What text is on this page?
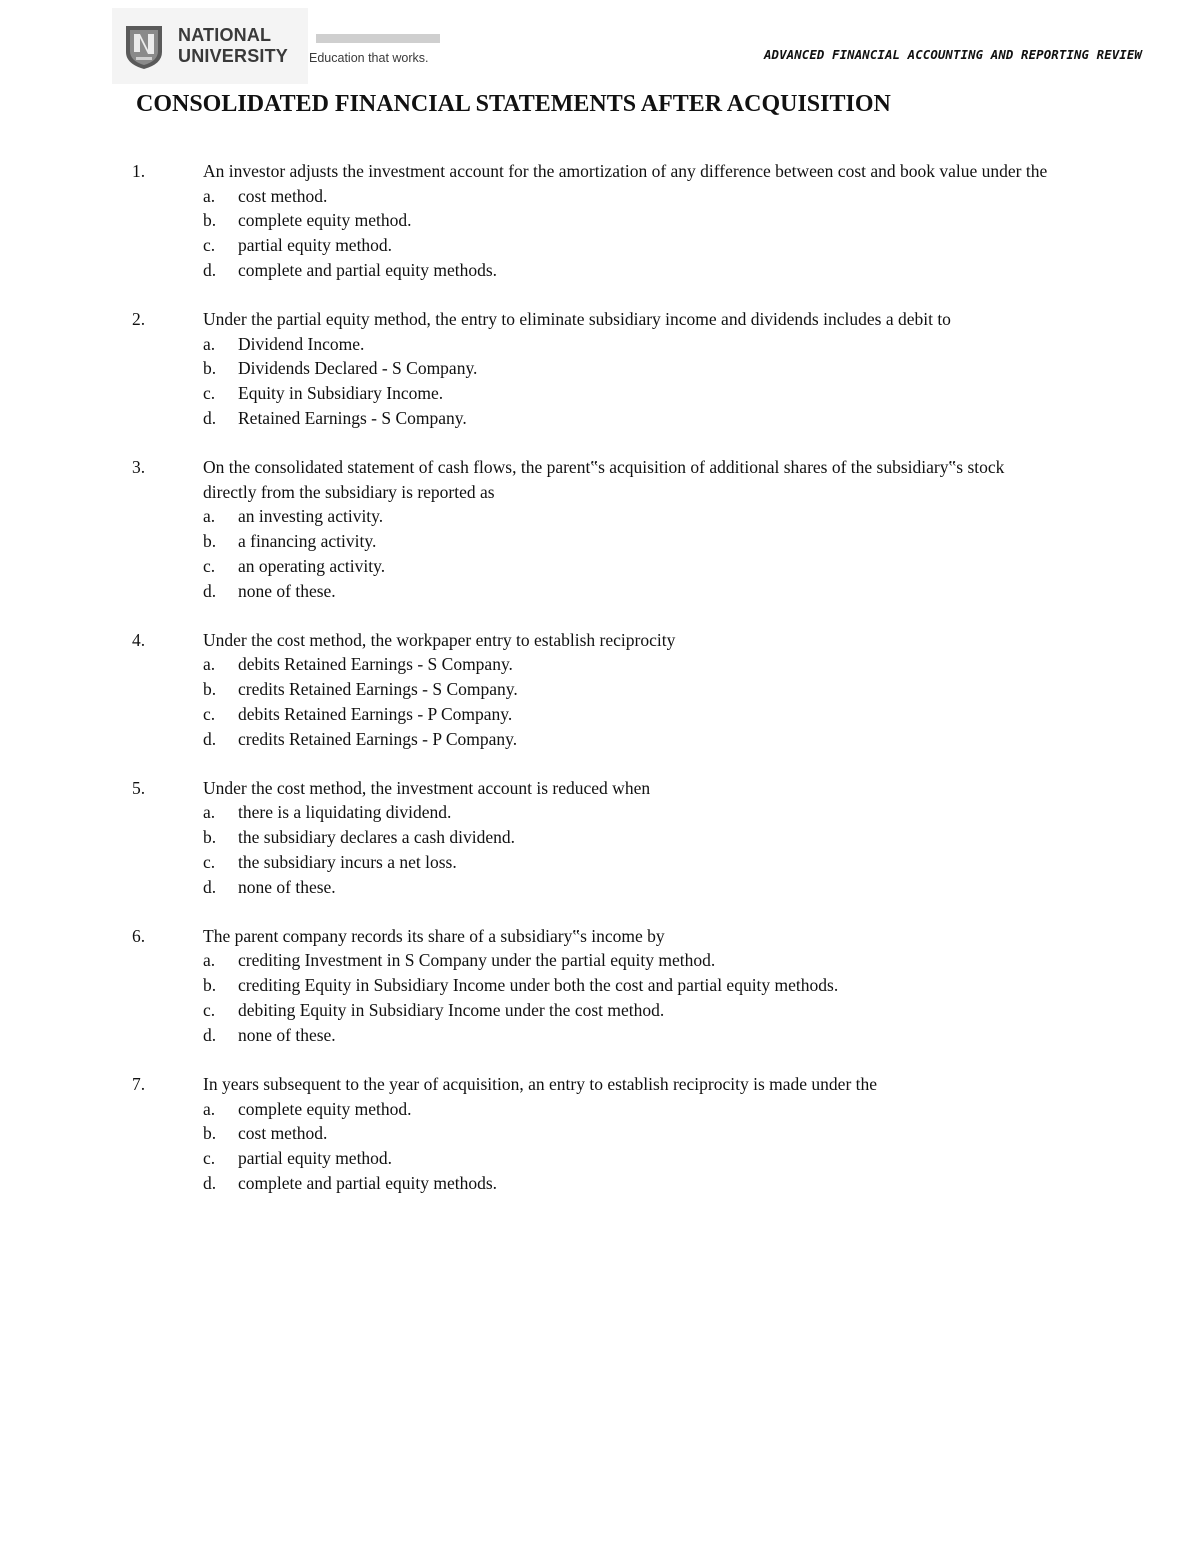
NATIONAL
UNIVERSITY Education that works.	ADVANCED FINANCIAL ACCOUNTING AND REPORTING REVIEW
CONSOLIDATED FINANCIAL STATEMENTS AFTER ACQUISITION
1.	An investor adjusts the investment account for the amortization of any difference between cost and book value under the
a. cost method.
b. complete equity method.
c. partial equity method.
d. complete and partial equity methods.
2.	Under the partial equity method, the entry to eliminate subsidiary income and dividends includes a debit to
a. Dividend Income.
b. Dividends Declared - S Company.
c. Equity in Subsidiary Income.
d. Retained Earnings - S Company.
3.	On the consolidated statement of cash flows, the parent‟s acquisition of additional shares of the subsidiary‟s stock directly from the subsidiary is reported as
a. an investing activity.
b. a financing activity.
c. an operating activity.
d. none of these.
4.	Under the cost method, the workpaper entry to establish reciprocity
a. debits Retained Earnings - S Company.
b. credits Retained Earnings - S Company.
c. debits Retained Earnings - P Company.
d. credits Retained Earnings - P Company.
5.	Under the cost method, the investment account is reduced when
a. there is a liquidating dividend.
b. the subsidiary declares a cash dividend.
c. the subsidiary incurs a net loss.
d. none of these.
6.	The parent company records its share of a subsidiary‟s income by
a. crediting Investment in S Company under the partial equity method.
b. crediting Equity in Subsidiary Income under both the cost and partial equity methods.
c. debiting Equity in Subsidiary Income under the cost method.
d. none of these.
7.	In years subsequent to the year of acquisition, an entry to establish reciprocity is made under the
a. complete equity method.
b. cost method.
c. partial equity method.
d. complete and partial equity methods.
